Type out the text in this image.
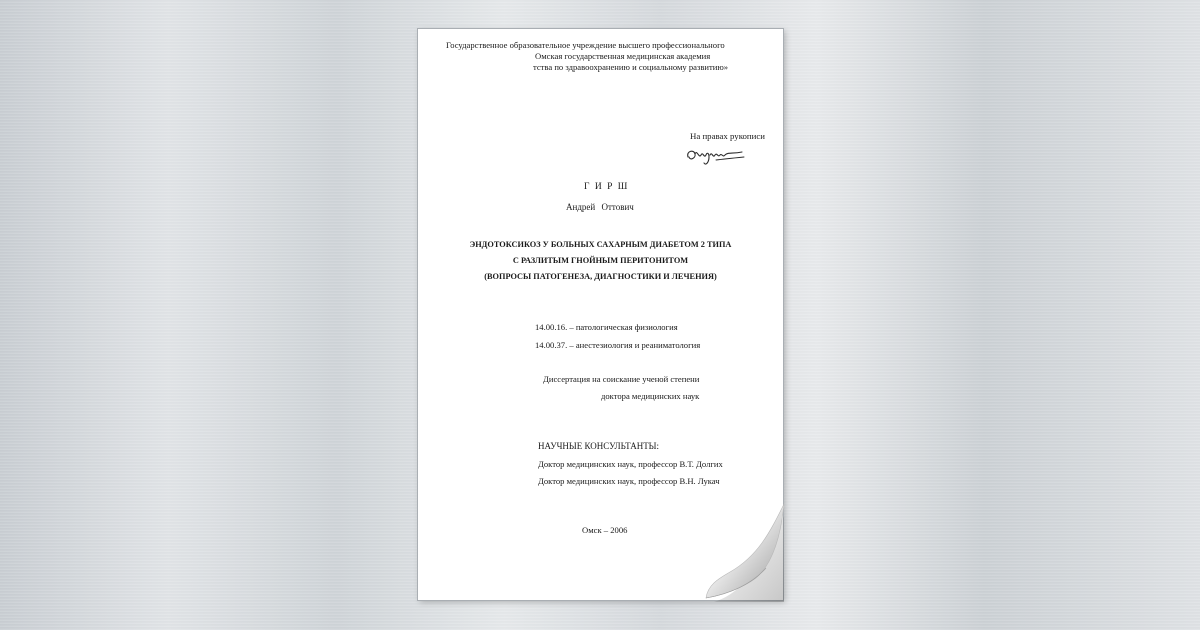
Государственное образовательное учреждение высшего профессионального
Омская государственная медицинская академия
тства по здравоохранению и социальному развитию»
На правах рукописи
Г И Р Ш
Андрей Оттович
ЭНДОТОКСИКОЗ У БОЛЬНЫХ САХАРНЫМ ДИАБЕТОМ 2 ТИПА
С РАЗЛИТЫМ ГНОЙНЫМ ПЕРИТОНИТОМ
(ВОПРОСЫ ПАТОГЕНЕЗА, ДИАГНОСТИКИ И ЛЕЧЕНИЯ)
14.00.16. – патологическая физиология
14.00.37. – анестезиология и реаниматология
Диссертация на соискание ученой степени
доктора медицинских наук
НАУЧНЫЕ КОНСУЛЬТАНТЫ:
Доктор медицинских наук, профессор В.Т. Долгих
Доктор медицинских наук, профессор В.Н. Лукач
Омск – 2006
